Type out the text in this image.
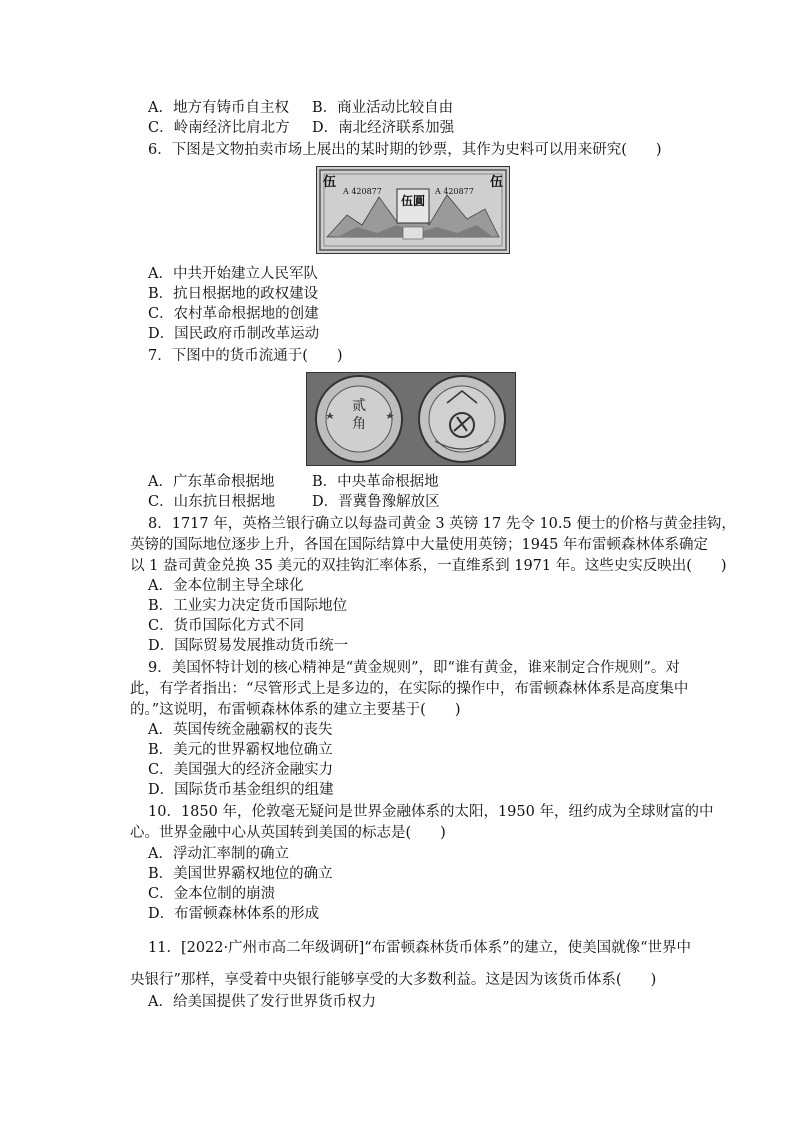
A．地方有铸币自主权 B．商业活动比较自由
C．岭南经济比肩北方 D．南北经济联系加强
6．下图是文物拍卖市场上展出的某时期的钞票，其作为史料可以用来研究(　　)
伍	伍
A 420877	A 420877
伍圓
A．中共开始建立人民军队
B．抗日根据地的政权建设
C．农村革命根据地的创建
D．国民政府币制改革运动
7．下图中的货币流通于(　　)
贰角
A．广东革命根据地	B．中央革命根据地
C．山东抗日根据地	D．晋冀鲁豫解放区
8．1717 年，英格兰银行确立以每盎司黄金 3 英镑 17 先令 10.5 便士的价格与黄金挂钩，
英镑的国际地位逐步上升，各国在国际结算中大量使用英镑；1945 年布雷顿森林体系确定
以 1 盎司黄金兑换 35 美元的双挂钩汇率体系，一直维系到 1971 年。这些史实反映出(　　)
A．金本位制主导全球化
B．工业实力决定货币国际地位
C．货币国际化方式不同
D．国际贸易发展推动货币统一
9．美国怀特计划的核心精神是“黄金规则”，即“谁有黄金，谁来制定合作规则”。对
此，有学者指出：“尽管形式上是多边的，在实际的操作中，布雷顿森林体系是高度集中
的。”这说明，布雷顿森林体系的建立主要基于(　　)
A．英国传统金融霸权的丧失
B．美元的世界霸权地位确立
C．美国强大的经济金融实力
D．国际货币基金组织的组建
10．1850 年，伦敦毫无疑问是世界金融体系的太阳，1950 年，纽约成为全球财富的中
心。世界金融中心从英国转到美国的标志是(　　)
A．浮动汇率制的确立
B．美国世界霸权地位的确立
C．金本位制的崩溃
D．布雷顿森林体系的形成
11．[2022·广州市高二年级调研]“布雷顿森林货币体系”的建立，使美国就像“世界中
央银行”那样，享受着中央银行能够享受的大多数利益。这是因为该货币体系(　　)
A．给美国提供了发行世界货币权力
